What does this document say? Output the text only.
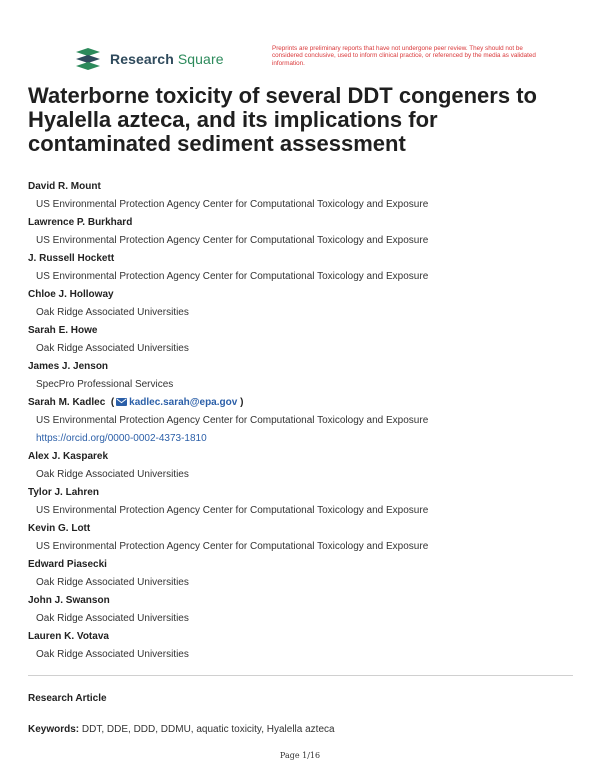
Research Square
Preprints are preliminary reports that have not undergone peer review. They should not be considered conclusive, used to inform clinical practice, or referenced by the media as validated information.
Waterborne toxicity of several DDT congeners to Hyalella azteca, and its implications for contaminated sediment assessment
David R. Mount
US Environmental Protection Agency Center for Computational Toxicology and Exposure
Lawrence P. Burkhard
US Environmental Protection Agency Center for Computational Toxicology and Exposure
J. Russell Hockett
US Environmental Protection Agency Center for Computational Toxicology and Exposure
Chloe J. Holloway
Oak Ridge Associated Universities
Sarah E. Howe
Oak Ridge Associated Universities
James J. Jenson
SpecPro Professional Services
Sarah M. Kadlec  ( kadlec.sarah@epa.gov )
US Environmental Protection Agency Center for Computational Toxicology and Exposure
https://orcid.org/0000-0002-4373-1810
Alex J. Kasparek
Oak Ridge Associated Universities
Tylor J. Lahren
US Environmental Protection Agency Center for Computational Toxicology and Exposure
Kevin G. Lott
US Environmental Protection Agency Center for Computational Toxicology and Exposure
Edward Piasecki
Oak Ridge Associated Universities
John J. Swanson
Oak Ridge Associated Universities
Lauren K. Votava
Oak Ridge Associated Universities
Research Article
Keywords: DDT, DDE, DDD, DDMU, aquatic toxicity, Hyalella azteca
Page 1/16
